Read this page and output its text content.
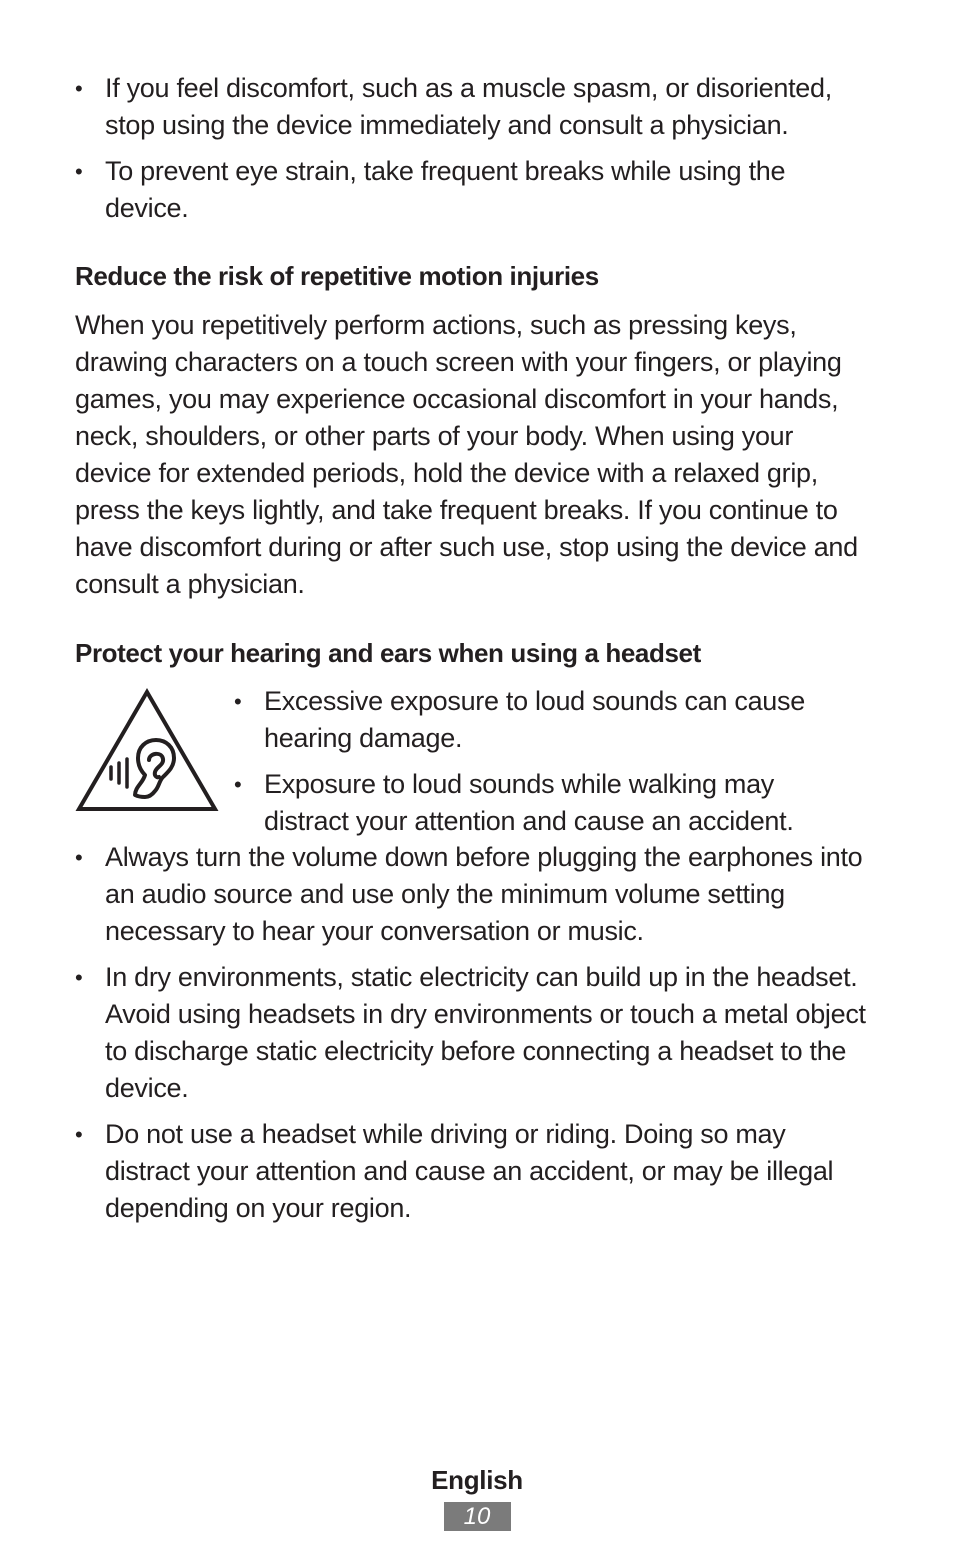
• If you feel discomfort, such as a muscle spasm, or disoriented, stop using the device immediately and consult a physician.
• To prevent eye strain, take frequent breaks while using the device.
Reduce the risk of repetitive motion injuries

When you repetitively perform actions, such as pressing keys, drawing characters on a touch screen with your fingers, or playing games, you may experience occasional discomfort in your hands, neck, shoulders, or other parts of your body. When using your device for extended periods, hold the device with a relaxed grip, press the keys lightly, and take frequent breaks. If you continue to have discomfort during or after such use, stop using the device and consult a physician.

Protect your hearing and ears when using a headset
• Excessive exposure to loud sounds can cause hearing damage.
• Exposure to loud sounds while walking may distract your attention and cause an accident.
• Always turn the volume down before plugging the earphones into an audio source and use only the minimum volume setting necessary to hear your conversation or music.
• In dry environments, static electricity can build up in the headset. Avoid using headsets in dry environments or touch a metal object to discharge static electricity before connecting a headset to the device.
• Do not use a headset while driving or riding. Doing so may distract your attention and cause an accident, or may be illegal depending on your region.
English
10
